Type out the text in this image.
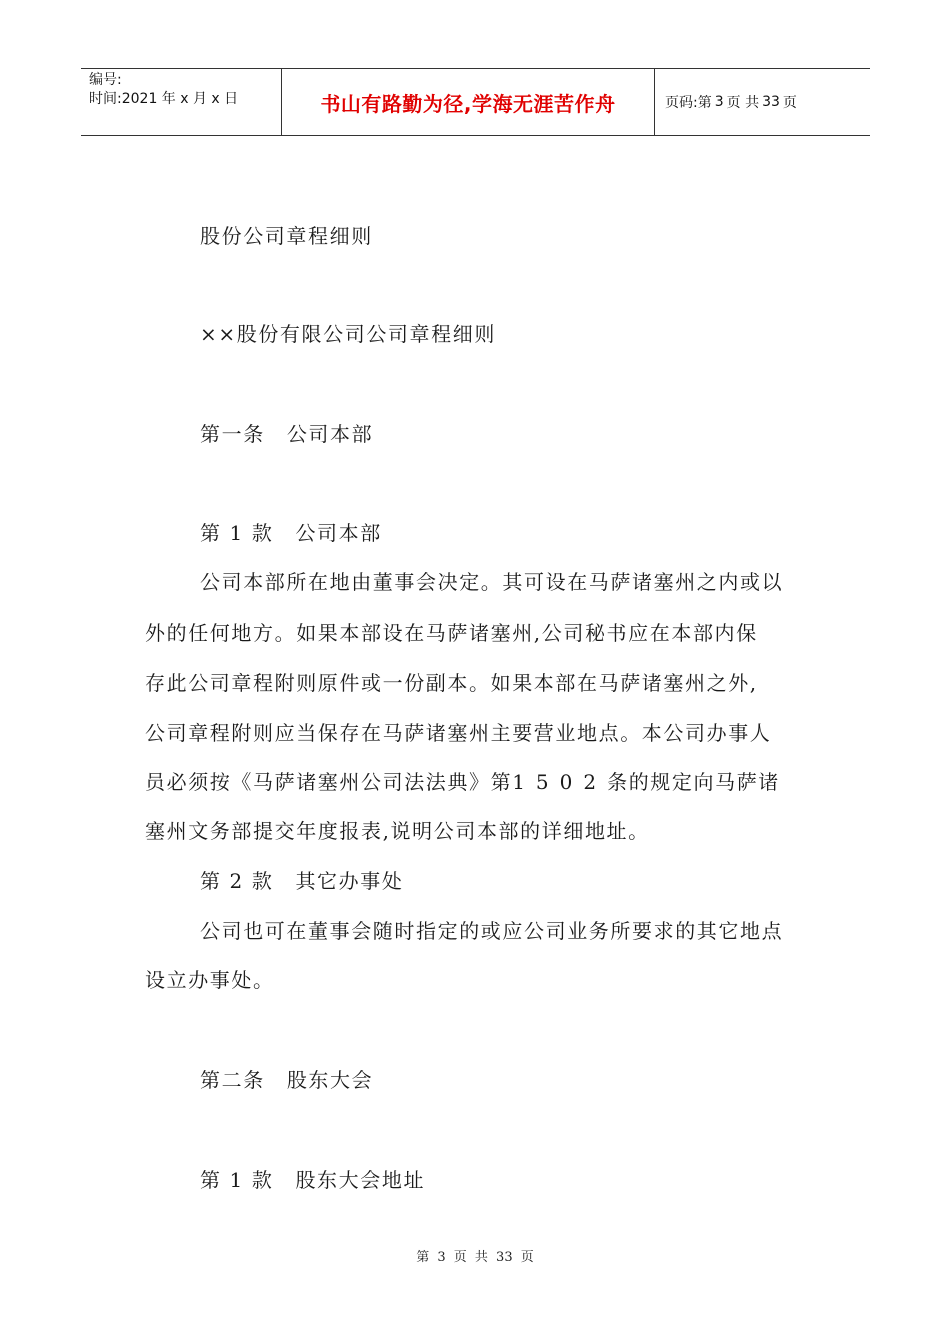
编号:
时间:2021 年 x 月 x 日	书山有路勤为径,学海无涯苦作舟	页码:第 3 页 共 33 页
股份公司章程细则
××股份有限公司公司章程细则
第一条 公司本部
第 1 款 公司本部
公司本部所在地由董事会决定。其可设在马萨诸塞州之内或以
外的任何地方。如果本部设在马萨诸塞州,公司秘书应在本部内保
存此公司章程附则原件或一份副本。如果本部在马萨诸塞州之外,
公司章程附则应当保存在马萨诸塞州主要营业地点。本公司办事人
员必须按《马萨诸塞州公司法法典》第1502条的规定向马萨诸
塞州文务部提交年度报表,说明公司本部的详细地址。
第 2 款 其它办事处
公司也可在董事会随时指定的或应公司业务所要求的其它地点
设立办事处。
第二条 股东大会
第 1 款 股东大会地址
第 3 页 共 33 页
